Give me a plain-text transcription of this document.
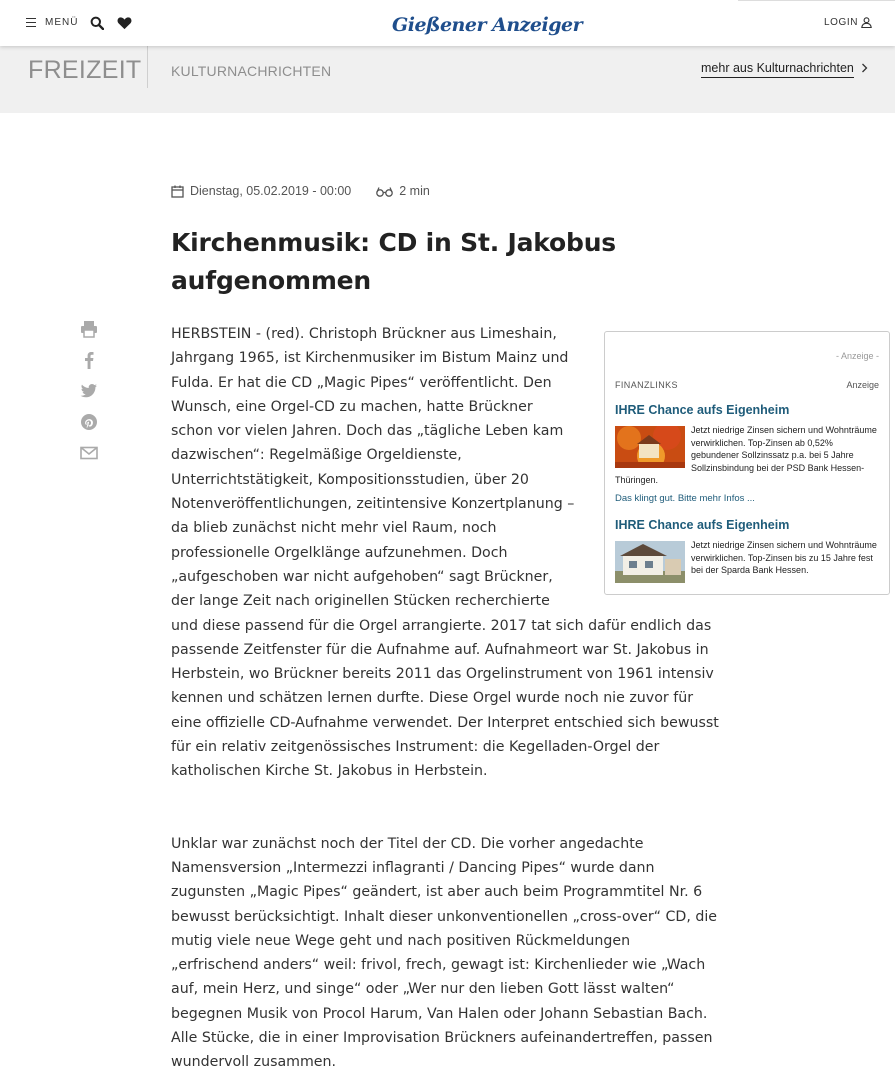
MENÜ	Gießener Anzeiger	LOGIN
FREIZEIT KULTURNACHRICHTEN	mehr aus Kulturnachrichten
Dienstag, 05.02.2019 - 00:00	2 min
Kirchenmusik: CD in St. Jakobus aufgenommen
- Anzeige -
FINANZLINKS	Anzeige
IHRE Chance aufs Eigenheim
Jetzt niedrige Zinsen sichern und Wohnträume verwirklichen. Top-Zinsen ab 0,52% gebundener Sollzinssatz p.a. bei 5 Jahre Sollzinsbindung bei der PSD Bank Hessen-Thüringen.
Das klingt gut. Bitte mehr Infos ...
IHRE Chance aufs Eigenheim
Jetzt niedrige Zinsen sichern und Wohnträume verwirklichen. Top-Zinsen bis zu 15 Jahre fest bei der Sparda Bank Hessen.

HERBSTEIN - (red). Christoph Brückner aus Limeshain, Jahrgang 1965, ist Kirchenmusiker im Bistum Mainz und Fulda. Er hat die CD „Magic Pipes“ veröffentlicht. Den Wunsch, eine Orgel-CD zu machen, hatte Brückner schon vor vielen Jahren. Doch das „tägliche Leben kam dazwischen“: Regelmäßige Orgeldienste, Unterrichtstätigkeit, Kompositionsstudien, über 20 Notenveröffentlichungen, zeitintensive Konzertplanung – da blieb zunächst nicht mehr viel Raum, noch professionelle Orgelklänge aufzunehmen. Doch „aufgeschoben war nicht aufgehoben“ sagt Brückner, der lange Zeit nach originellen Stücken recherchierte und diese passend für die Orgel arrangierte. 2017 tat sich dafür endlich das passende Zeitfenster für die Aufnahme auf. Aufnahmeort war St. Jakobus in Herbstein, wo Brückner bereits 2011 das Orgelinstrument von 1961 intensiv kennen und schätzen lernen durfte. Diese Orgel wurde noch nie zuvor für eine offizielle CD-Aufnahme verwendet. Der Interpret entschied sich bewusst für ein relativ zeitgenössisches Instrument: die Kegelladen-Orgel der katholischen Kirche St. Jakobus in Herbstein.

Unklar war zunächst noch der Titel der CD. Die vorher angedachte Namensversion „Intermezzi inflagranti / Dancing Pipes“ wurde dann zugunsten „Magic Pipes“ geändert, ist aber auch beim Programmtitel Nr. 6 bewusst berücksichtigt. Inhalt dieser unkonventionellen „cross-over“ CD, die mutig viele neue Wege geht und nach positiven Rückmeldungen „erfrischend anders“ weil: frivol, frech, gewagt ist: Kirchenlieder wie „Wach auf, mein Herz, und singe“ oder „Wer nur den lieben Gott lässt walten“ begegnen Musik von Procol Harum, Van Halen oder Johann Sebastian Bach. Alle Stücke, die in einer Improvisation Brückners aufeinandertreffen, passen wundervoll zusammen.
